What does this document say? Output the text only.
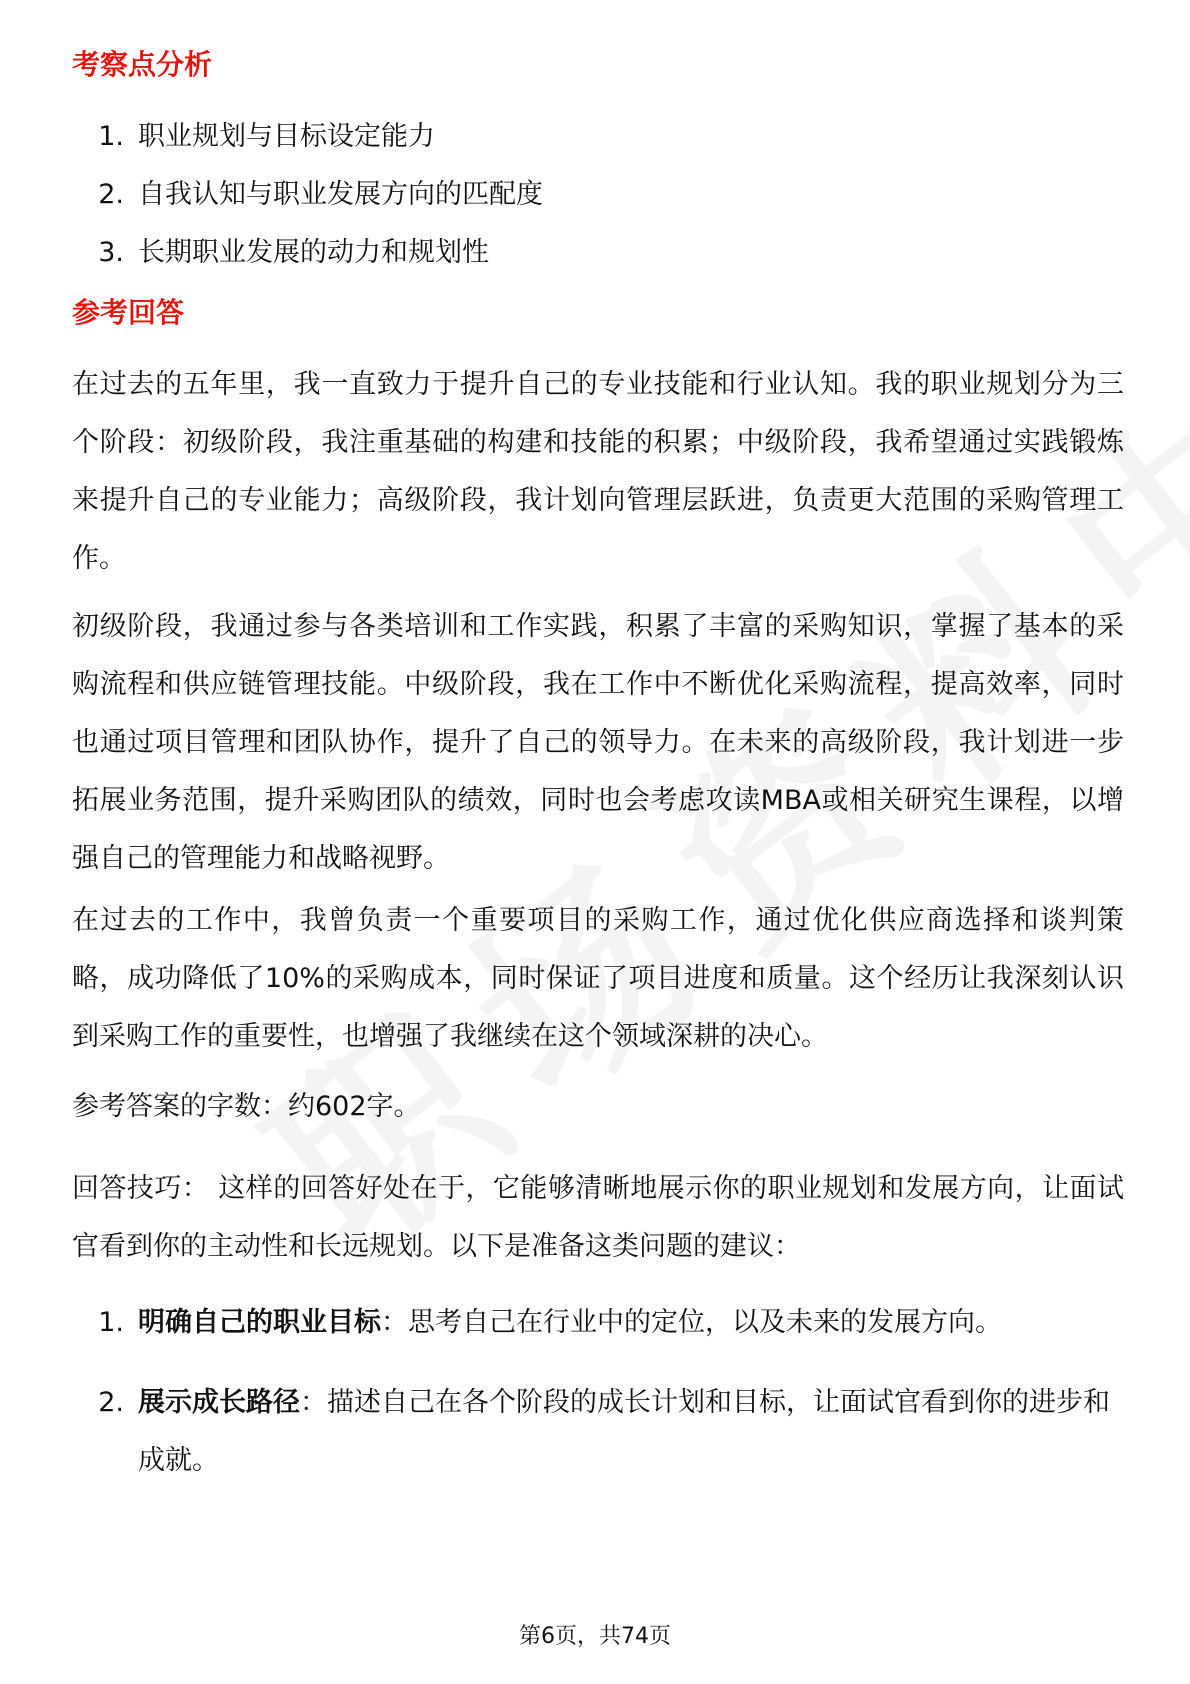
考察点分析
1. 职业规划与目标设定能力
2. 自我认知与职业发展方向的匹配度
3. 长期职业发展的动力和规划性
参考回答

在过去的五年里，我一直致力于提升自己的专业技能和行业认知。我的职业规划分为三个阶段：初级阶段，我注重基础的构建和技能的积累；中级阶段，我希望通过实践锻炼来提升自己的专业能力；高级阶段，我计划向管理层跃进，负责更大范围的采购管理工作。

初级阶段，我通过参与各类培训和工作实践，积累了丰富的采购知识，掌握了基本的采购流程和供应链管理技能。中级阶段，我在工作中不断优化采购流程，提高效率，同时也通过项目管理和团队协作，提升了自己的领导力。在未来的高级阶段，我计划进一步拓展业务范围，提升采购团队的绩效，同时也会考虑攻读MBA或相关研究生课程，以增强自己的管理能力和战略视野。

在过去的工作中，我曾负责一个重要项目的采购工作，通过优化供应商选择和谈判策略，成功降低了10%的采购成本，同时保证了项目进度和质量。这个经历让我深刻认识到采购工作的重要性，也增强了我继续在这个领域深耕的决心。

参考答案的字数：约602字。

回答技巧： 这样的回答好处在于，它能够清晰地展示你的职业规划和发展方向，让面试官看到你的主动性和长远规划。以下是准备这类问题的建议：

1. 明确自己的职业目标：思考自己在行业中的定位，以及未来的发展方向。
2. 展示成长路径：描述自己在各个阶段的成长计划和目标，让面试官看到你的进步和成就。
第6页，共74页
